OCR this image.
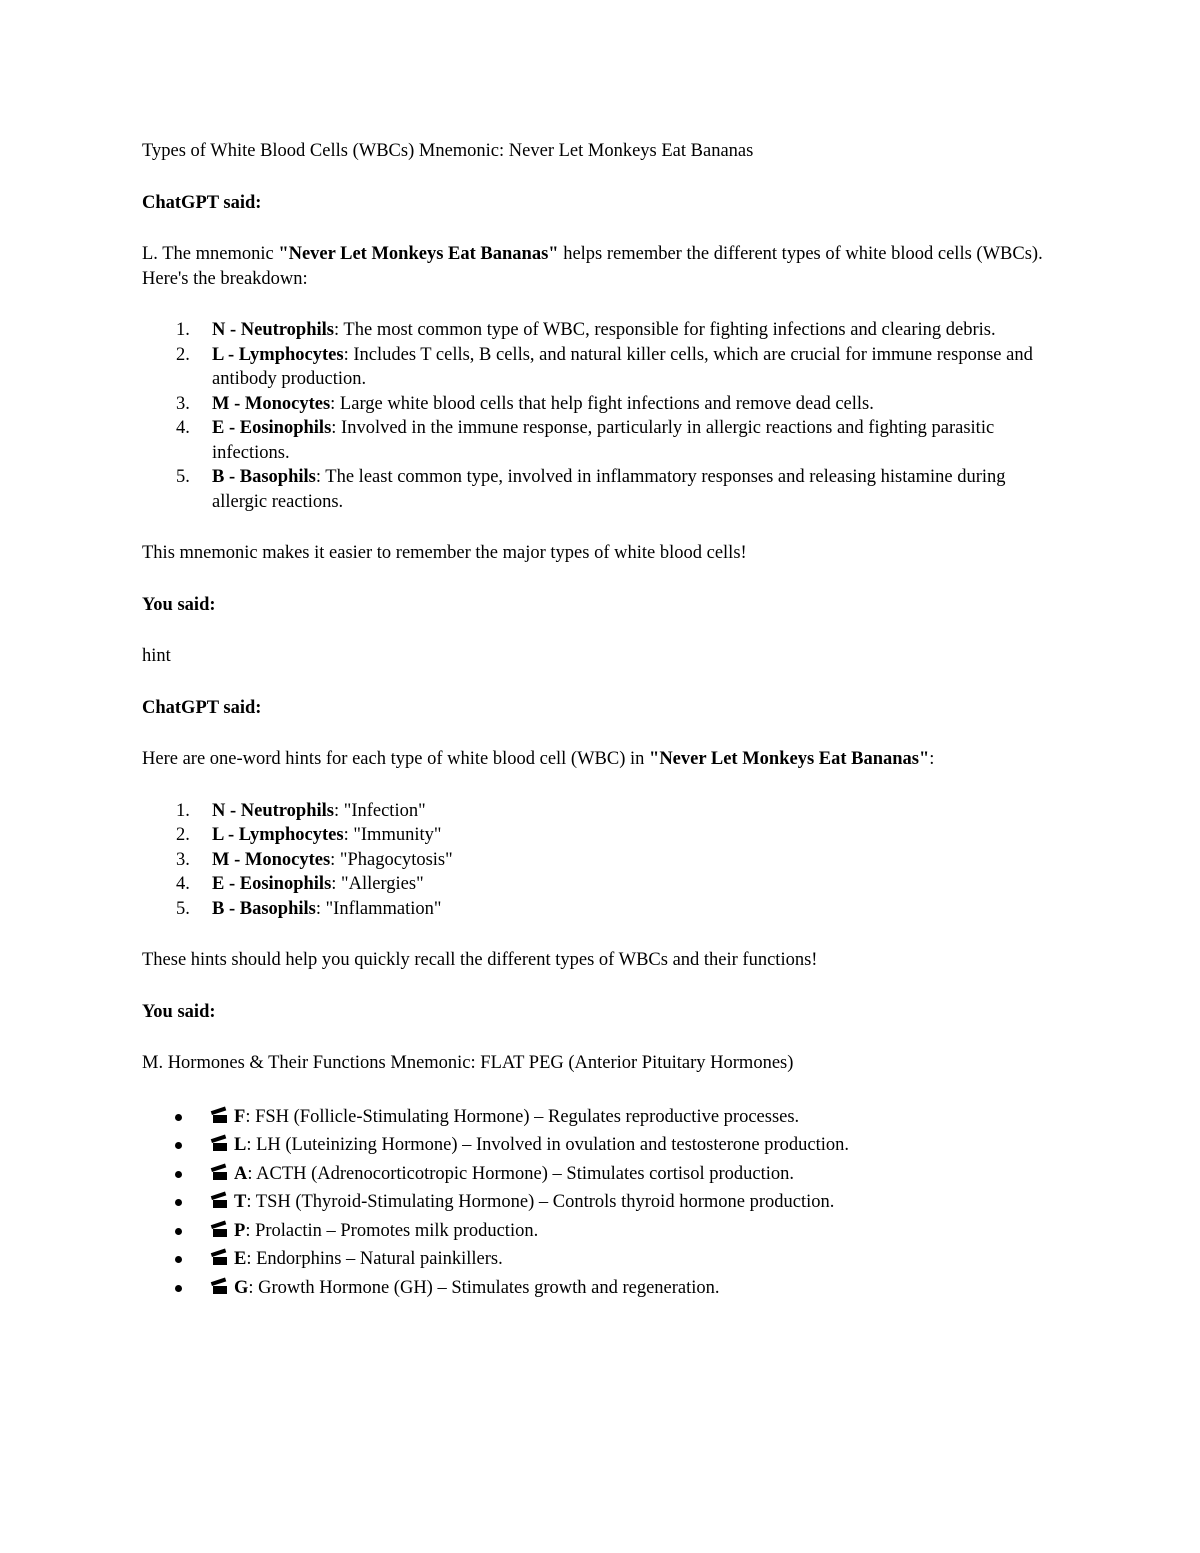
Types of White Blood Cells (WBCs) Mnemonic: Never Let Monkeys Eat Bananas

ChatGPT said:

L. The mnemonic "Never Let Monkeys Eat Bananas" helps remember the different types of white blood cells (WBCs). Here's the breakdown:

1. N - Neutrophils: The most common type of WBC, responsible for fighting infections and clearing debris.
2. L - Lymphocytes: Includes T cells, B cells, and natural killer cells, which are crucial for immune response and antibody production.
3. M - Monocytes: Large white blood cells that help fight infections and remove dead cells.
4. E - Eosinophils: Involved in the immune response, particularly in allergic reactions and fighting parasitic infections.
5. B - Basophils: The least common type, involved in inflammatory responses and releasing histamine during allergic reactions.

This mnemonic makes it easier to remember the major types of white blood cells!

You said:

hint

ChatGPT said:

Here are one-word hints for each type of white blood cell (WBC) in "Never Let Monkeys Eat Bananas":

1. N - Neutrophils: "Infection"
2. L - Lymphocytes: "Immunity"
3. M - Monocytes: "Phagocytosis"
4. E - Eosinophils: "Allergies"
5. B - Basophils: "Inflammation"

These hints should help you quickly recall the different types of WBCs and their functions!

You said:

M. Hormones & Their Functions Mnemonic: FLAT PEG (Anterior Pituitary Hormones)

F: FSH (Follicle-Stimulating Hormone) – Regulates reproductive processes.
L: LH (Luteinizing Hormone) – Involved in ovulation and testosterone production.
A: ACTH (Adrenocorticotropic Hormone) – Stimulates cortisol production.
T: TSH (Thyroid-Stimulating Hormone) – Controls thyroid hormone production.
P: Prolactin – Promotes milk production.
E: Endorphins – Natural painkillers.
G: Growth Hormone (GH) – Stimulates growth and regeneration.
